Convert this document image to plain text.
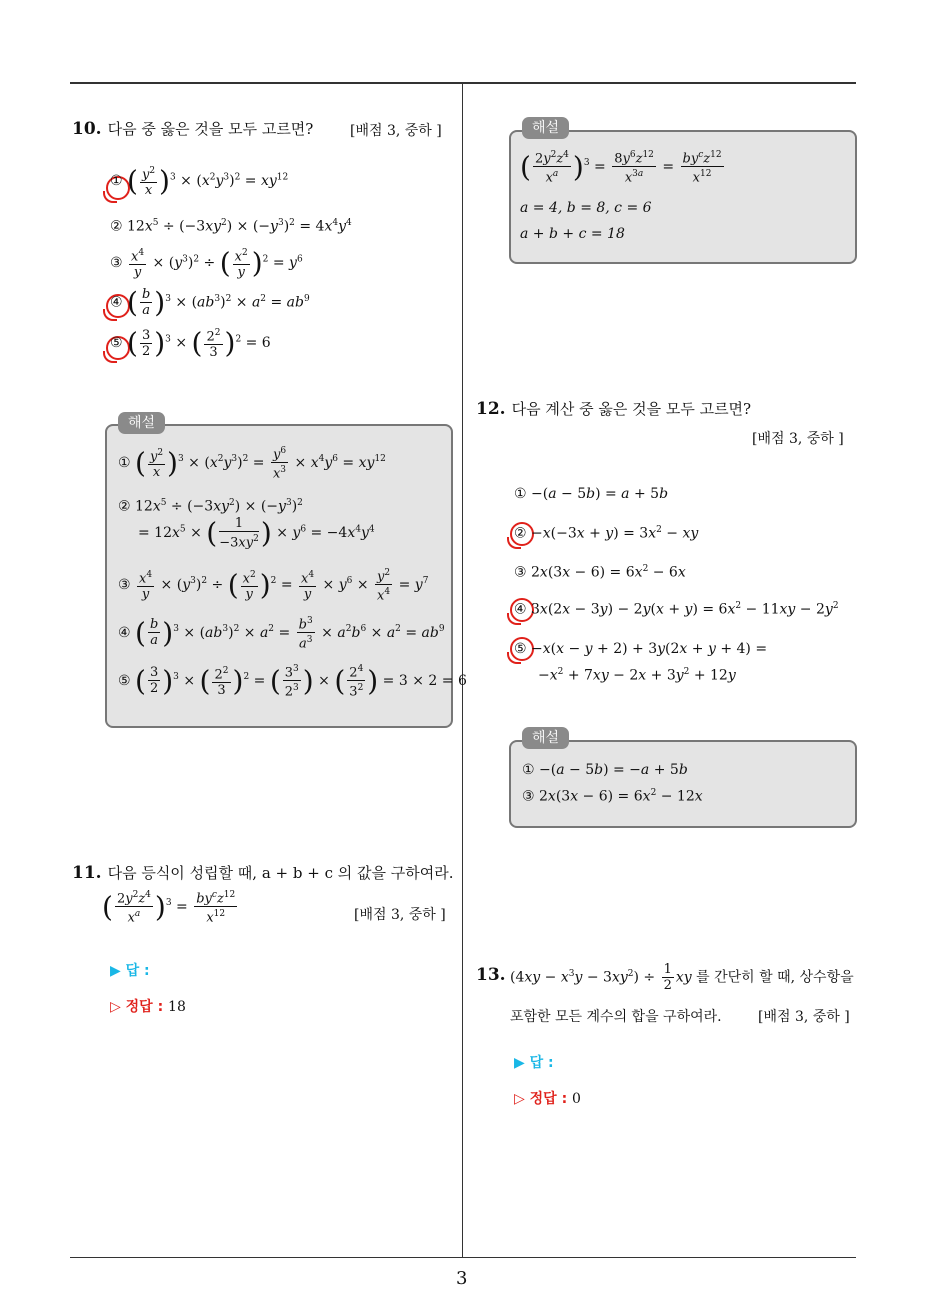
10. 다음 중 옳은 것을 모두 고르면?	[배점 3, 중하 ]
① ( $\frac{y^2}{x} )^3 \times (x^2y^3)^2 = xy^{12}$
② $12x^5 \div (-3xy^2) \times (-y^3)^2 = 4x^4y^4$
③ $\frac{x^4}{y} \times (y^3)^2$ ÷ ( $\frac{x^2}{y} )^2 = y^6$
④ ( $\frac{b}{a} )^3 \times (ab^3)^2 \times a^2 = ab^9$
⑤ ( $\frac{3}{2} )^3$ × ( $\frac{2^2}{3} )^2 = 6$
해설
① ( $\frac{y^2}{x} )^3 \times (x^2y^3)^2 = \frac{y^6}{x^3} \times x^4y^6 = xy^{12}$
② $12x^5 \div (-3xy^2) \times (-y^3)^2$
= $12x^5$ × ( $\frac{1}{-3xy^2}$ ) × $y^6 = -4x^4y^4$
③ $\frac{x^4}{y} \times (y^3)^2$ ÷ ( $\frac{x^2}{y} )^2 = \frac{x^4}{y} \times y^6 \times \frac{y^2}{x^4} = y^7$
④ ( $\frac{b}{a} )^3 \times (ab^3)^2 \times a^2 = \frac{b^3}{a^3} \times a^2b^6 \times a^2 = ab^9$
⑤ ( $\frac{3}{2} )^3$ × ( $\frac{2^2}{3} )^2$ = ( $\frac{3^3}{2^3}$ ) × ( $\frac{2^4}{3^2}$ ) = 3 × 2 = 6
11. 다음 등식이 성립할 때, a + b + c 의 값을 구하여라.
( $\frac{2y^2z^4}{x^a} )^3 = \frac{by^cz^{12}}{x^{12}}$	[배점 3, 중하 ]
▶ 답 :
▷ 정답 : 18
해설
( $\frac{2y^2z^4}{x^a} )^3 = \frac{8y^6z^{12}}{x^{3a}} = \frac{by^cz^{12}}{x^{12}}$
a = 4, b = 8, c = 6
a + b + c = 18
12. 다음 계산 중 옳은 것을 모두 고르면?
[배점 3, 중하 ]
① −(a − 5b) = a + 5b
② $-x(-3x + y) = 3x^2$ − xy
③ $2x(3x - 6) = 6x^2 - 6x$
④ $3x(2x - 3y) - 2y(x + y) = 6x^2 - 11xy - 2y^2$
⑤ −x(x − y + 2) + 3y(2x + y + 4) =
$-x^2 + 7xy - 2x + 3y^2 + 12y$
해설
① −(a − 5b) = −a + 5b
③ $2x(3x - 6) = 6x^2 - 12x$
13. $(4xy - x^3y - 3xy^2) \div \frac{1}{2}$ xy 를 간단히 할 때, 상수항을
포함한 모든 계수의 합을 구하여라.	[배점 3, 중하 ]
▶ 답 :
▷ 정답 : 0
3
